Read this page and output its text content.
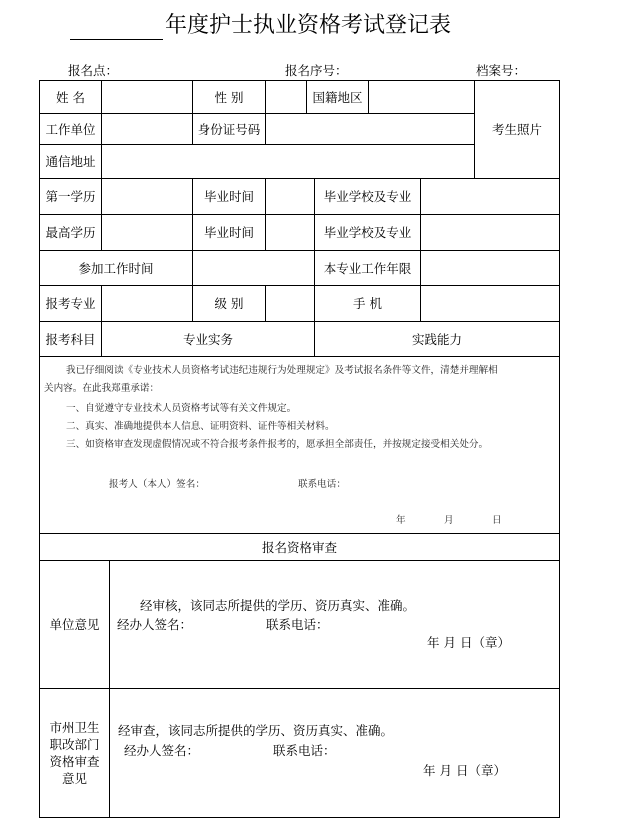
年度护士执业资格考试登记表
报名点：	报名序号：	档案号：
姓 名	性 别	国籍地区
考生照片
工作单位	身份证号码
通信地址
第一学历	毕业时间	毕业学校及专业
最高学历	毕业时间	毕业学校及专业
参加工作时间	本专业工作年限
报考专业	级 别	手 机
报考科目	专业实务	实践能力
我已仔细阅读《专业技术人员资格考试违纪违规行为处理规定》及考试报名条件等文件，清楚并理解相
关内容。在此我郑重承诺：
一、自觉遵守专业技术人员资格考试等有关文件规定。
二、真实、准确地提供本人信息、证明资料、证件等相关材料。
三、如资格审查发现虚假情况或不符合报考条件报考的，愿承担全部责任，并按规定接受相关处分。
报考人（本人）签名：	联系电话：
年	月	日
报名资格审查
单位意见
经审核，该同志所提供的学历、资历真实、准确。
经办人签名：	联系电话：
年 月 日（章）
市州卫生
职改部门
资格审查
意见
经审查，该同志所提供的学历、资历真实、准确。
经办人签名：	联系电话：
年 月 日（章）
